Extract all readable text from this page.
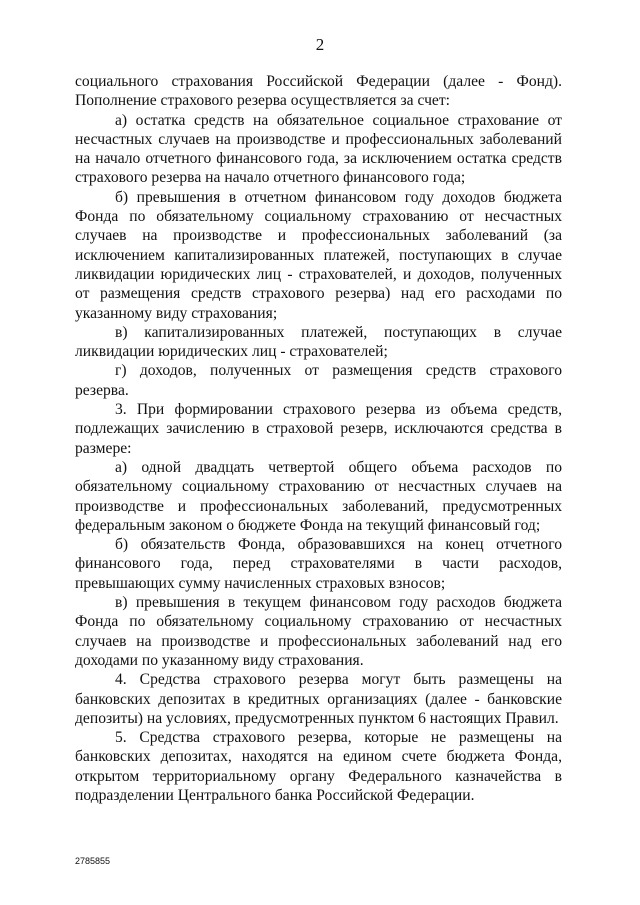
2

социального страхования Российской Федерации (далее - Фонд). Пополнение страхового резерва осуществляется за счет:

а) остатка средств на обязательное социальное страхование от несчастных случаев на производстве и профессиональных заболеваний на начало отчетного финансового года, за исключением остатка средств страхового резерва на начало отчетного финансового года;

б) превышения в отчетном финансовом году доходов бюджета Фонда по обязательному социальному страхованию от несчастных случаев на производстве и профессиональных заболеваний (за исключением капитализированных платежей, поступающих в случае ликвидации юридических лиц - страхователей, и доходов, полученных от размещения средств страхового резерва) над его расходами по указанному виду страхования;

в) капитализированных платежей, поступающих в случае ликвидации юридических лиц - страхователей;

г) доходов, полученных от размещения средств страхового резерва.

3. При формировании страхового резерва из объема средств, подлежащих зачислению в страховой резерв, исключаются средства в размере:

а) одной двадцать четвертой общего объема расходов по обязательному социальному страхованию от несчастных случаев на производстве и профессиональных заболеваний, предусмотренных федеральным законом о бюджете Фонда на текущий финансовый год;

б) обязательств Фонда, образовавшихся на конец отчетного финансового года, перед страхователями в части расходов, превышающих сумму начисленных страховых взносов;

в) превышения в текущем финансовом году расходов бюджета Фонда по обязательному социальному страхованию от несчастных случаев на производстве и профессиональных заболеваний над его доходами по указанному виду страхования.

4. Средства страхового резерва могут быть размещены на банковских депозитах в кредитных организациях (далее - банковские депозиты) на условиях, предусмотренных пунктом 6 настоящих Правил.

5. Средства страхового резерва, которые не размещены на банковских депозитах, находятся на едином счете бюджета Фонда, открытом территориальному органу Федерального казначейства в подразделении Центрального банка Российской Федерации.

2785855
